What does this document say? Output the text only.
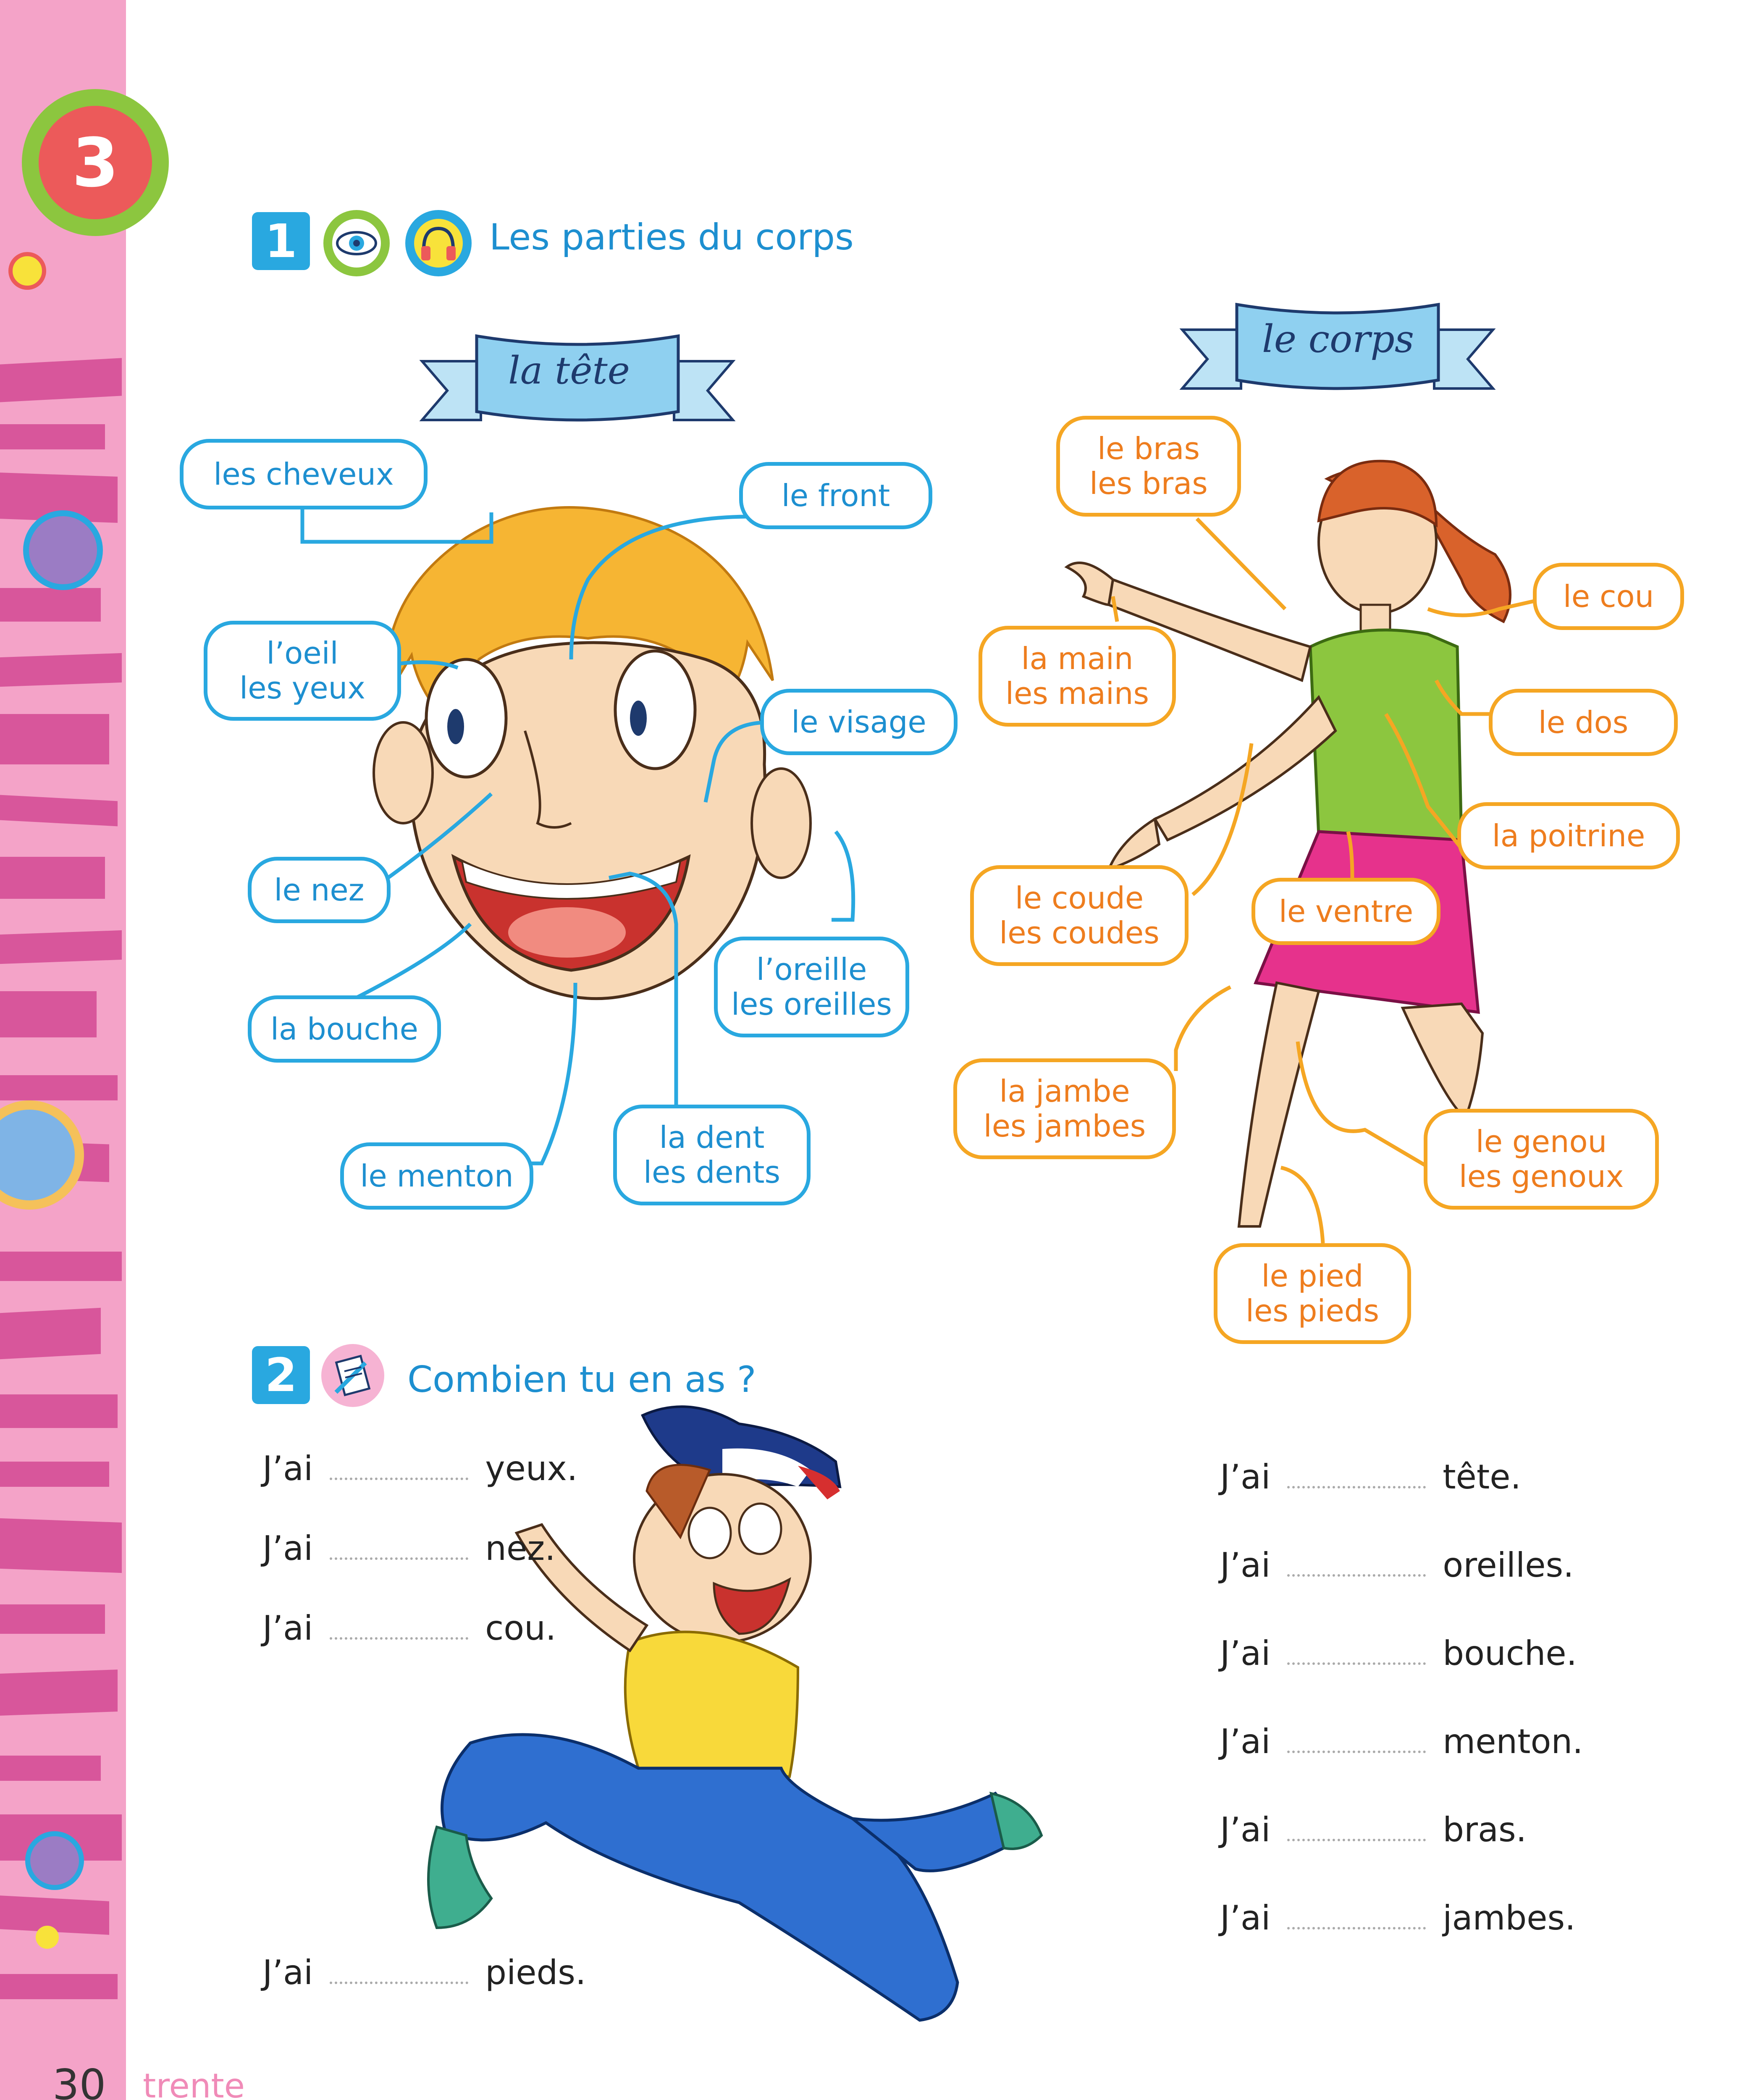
3
1	Les parties du corps
la tête
le corps
les cheveux
le front
l’oeil
les yeux
le visage
le nez
l’oreille
les oreilles
la bouche
le menton
la dent
les dents
le bras
les bras
le cou
la main
les mains
le dos
la poitrine
le coude
les coudes
le ventre
la jambe
les jambes	le genou
les genoux
le pied
les pieds
2	Combien tu en as ?
J’ai	yeux.
J’ai	nez.
J’ai	cou.
J’ai	pieds.
J’ai	tête.
J’ai	oreilles.
J’ai	bouche.
J’ai	menton.
J’ai	bras.
J’ai	jambes.
30 trente
